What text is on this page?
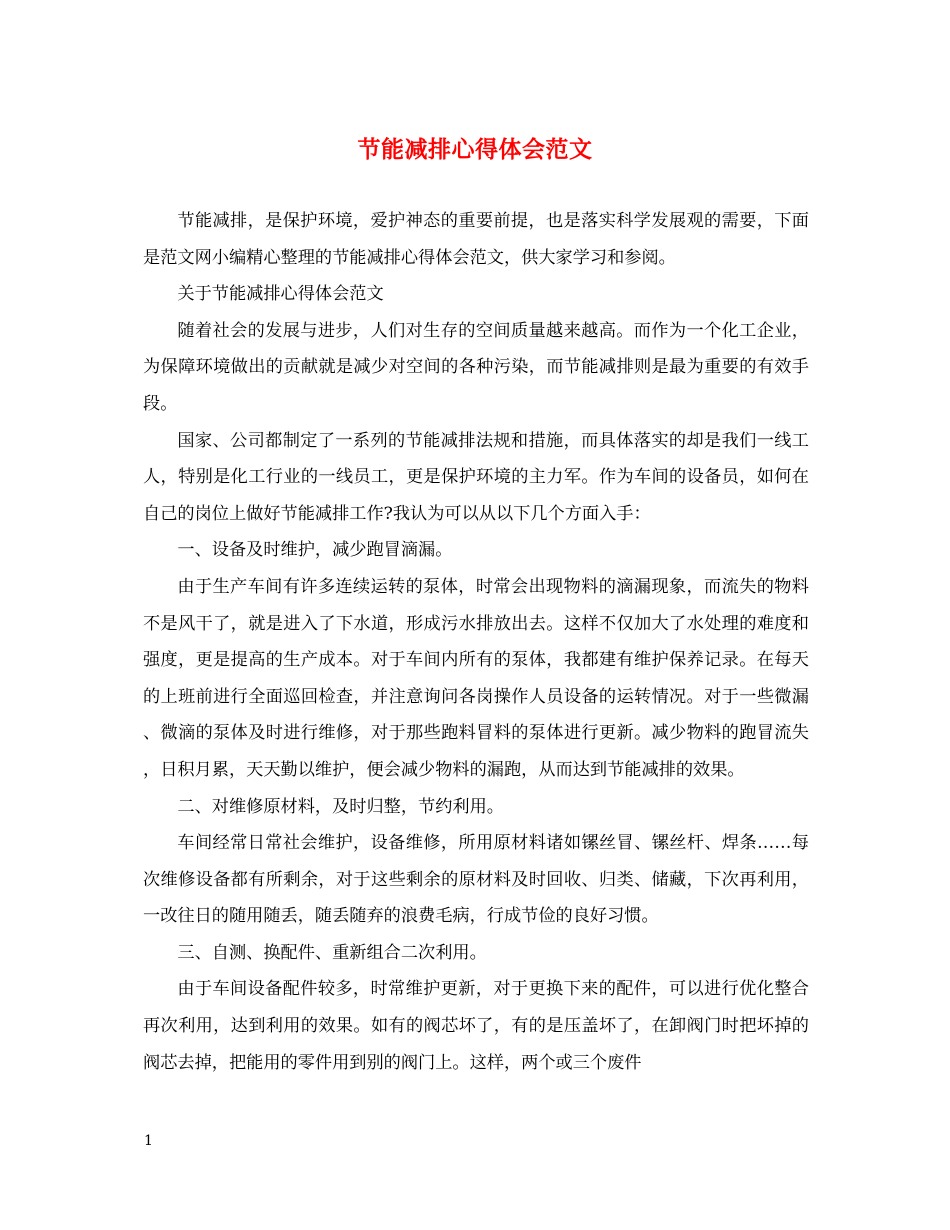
节能减排心得体会范文

节能减排，是保护环境，爱护神态的重要前提，也是落实科学发展观的需要，下面是范文网小编精心整理的节能减排心得体会范文，供大家学习和参阅。

关于节能减排心得体会范文

随着社会的发展与进步，人们对生存的空间质量越来越高。而作为一个化工企业，为保障环境做出的贡献就是减少对空间的各种污染，而节能减排则是最为重要的有效手段。

国家、公司都制定了一系列的节能减排法规和措施，而具体落实的却是我们一线工人，特别是化工行业的一线员工，更是保护环境的主力军。作为车间的设备员，如何在自己的岗位上做好节能减排工作?我认为可以从以下几个方面入手：

一、设备及时维护，减少跑冒滴漏。

由于生产车间有许多连续运转的泵体，时常会出现物料的滴漏现象，而流失的物料不是风干了，就是进入了下水道，形成污水排放出去。这样不仅加大了水处理的难度和强度，更是提高的生产成本。对于车间内所有的泵体，我都建有维护保养记录。在每天的上班前进行全面巡回检查，并注意询问各岗操作人员设备的运转情况。对于一些微漏、微滴的泵体及时进行维修，对于那些跑料冒料的泵体进行更新。减少物料的跑冒流失，日积月累，天天勤以维护，便会减少物料的漏跑，从而达到节能减排的效果。

二、对维修原材料，及时归整，节约利用。

车间经常日常社会维护，设备维修，所用原材料诸如镙丝冒、镙丝杆、焊条……每次维修设备都有所剩余，对于这些剩余的原材料及时回收、归类、储藏，下次再利用，一改往日的随用随丢，随丢随弃的浪费毛病，行成节俭的良好习惯。

三、自测、换配件、重新组合二次利用。

由于车间设备配件较多，时常维护更新，对于更换下来的配件，可以进行优化整合再次利用，达到利用的效果。如有的阀芯坏了，有的是压盖坏了，在卸阀门时把坏掉的阀芯去掉，把能用的零件用到别的阀门上。这样，两个或三个废件

1
